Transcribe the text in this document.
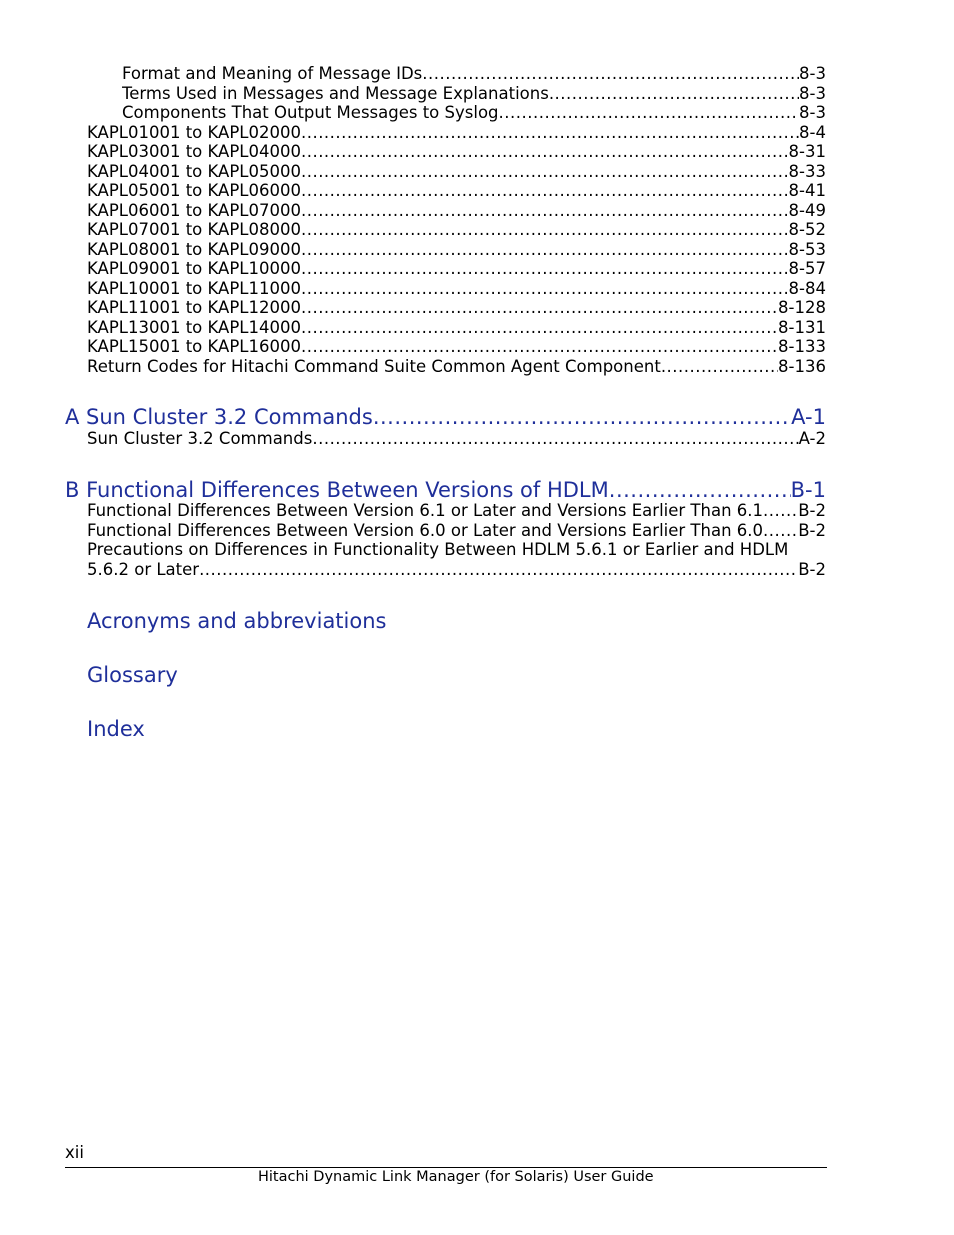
Format and Meaning of Message IDs .....	8-3
Terms Used in Messages and Message Explanations .....	8-3
Components That Output Messages to Syslog .....	8-3
KAPL01001 to KAPL02000 .....	8-4
KAPL03001 to KAPL04000 .....	8-31
KAPL04001 to KAPL05000 .....	8-33
KAPL05001 to KAPL06000 .....	8-41
KAPL06001 to KAPL07000 .....	8-49
KAPL07001 to KAPL08000 .....	8-52
KAPL08001 to KAPL09000 .....	8-53
KAPL09001 to KAPL10000 .....	8-57
KAPL10001 to KAPL11000 .....	8-84
KAPL11001 to KAPL12000 .....	8-128
KAPL13001 to KAPL14000 .....	8-131
KAPL15001 to KAPL16000 .....	8-133
Return Codes for Hitachi Command Suite Common Agent Component .....	8-136
A Sun Cluster 3.2 Commands .....	A-1
Sun Cluster 3.2 Commands .....	A-2
B Functional Differences Between Versions of HDLM .....	B-1
Functional Differences Between Version 6.1 or Later and Versions Earlier Than 6.1 ..... B-2
Functional Differences Between Version 6.0 or Later and Versions Earlier Than 6.0 ..... B-2
Precautions on Differences in Functionality Between HDLM 5.6.1 or Earlier and HDLM
5.6.2 or Later .....	B-2
Acronyms and abbreviations
Glossary
Index
xii
Hitachi Dynamic Link Manager (for Solaris) User Guide
